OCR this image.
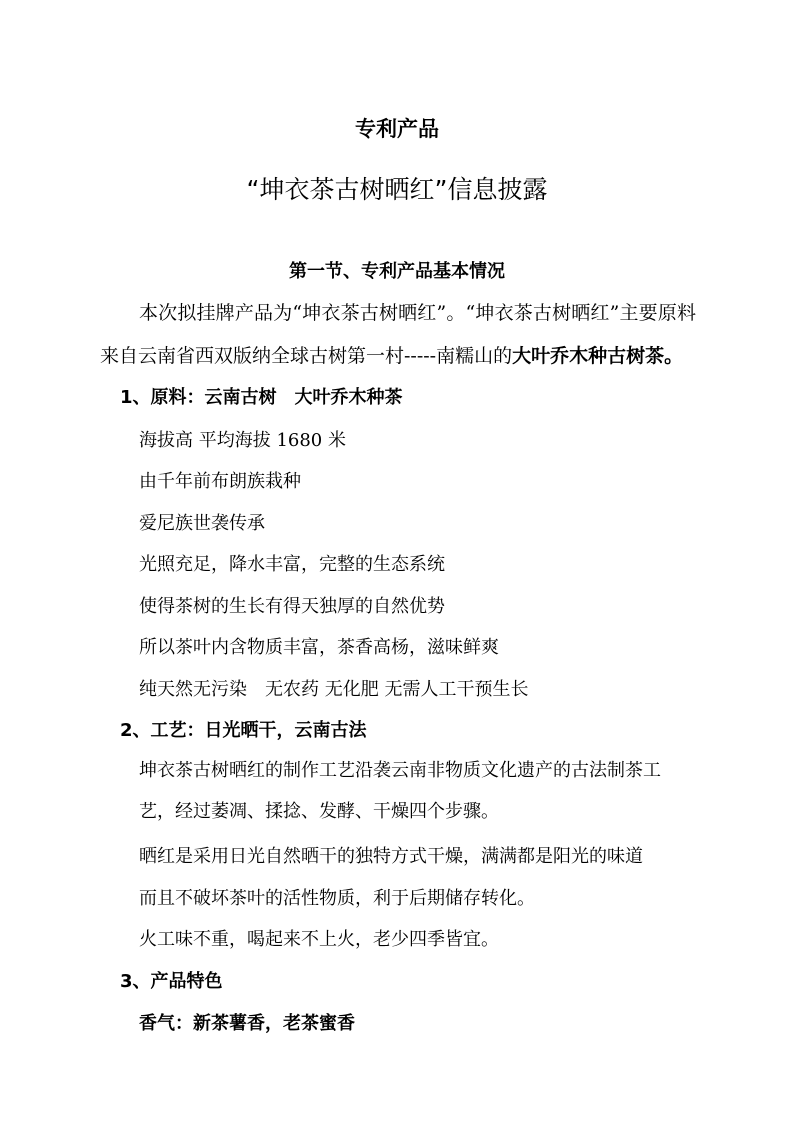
专利产品
“坤衣茶古树晒红”信息披露
第一节、专利产品基本情况
本次拟挂牌产品为“坤衣茶古树晒红”。“坤衣茶古树晒红”主要原料来自云南省西双版纳全球古树第一村-----南糯山的大叶乔木种古树茶。
1、原料：云南古树　大叶乔木种茶
海拔高 平均海拔 1680 米
由千年前布朗族栽种
爱尼族世袭传承
光照充足，降水丰富，完整的生态系统
使得茶树的生长有得天独厚的自然优势
所以茶叶内含物质丰富，茶香高杨，滋味鲜爽
纯天然无污染　无农药 无化肥 无需人工干预生长
2、工艺：日光晒干，云南古法
坤衣茶古树晒红的制作工艺沿袭云南非物质文化遗产的古法制茶工艺，经过萎凋、揉捻、发酵、干燥四个步骤。
晒红是采用日光自然晒干的独特方式干燥，满满都是阳光的味道
而且不破坏茶叶的活性物质，利于后期储存转化。
火工味不重，喝起来不上火，老少四季皆宜。
3、产品特色
香气：新茶薯香，老茶蜜香
